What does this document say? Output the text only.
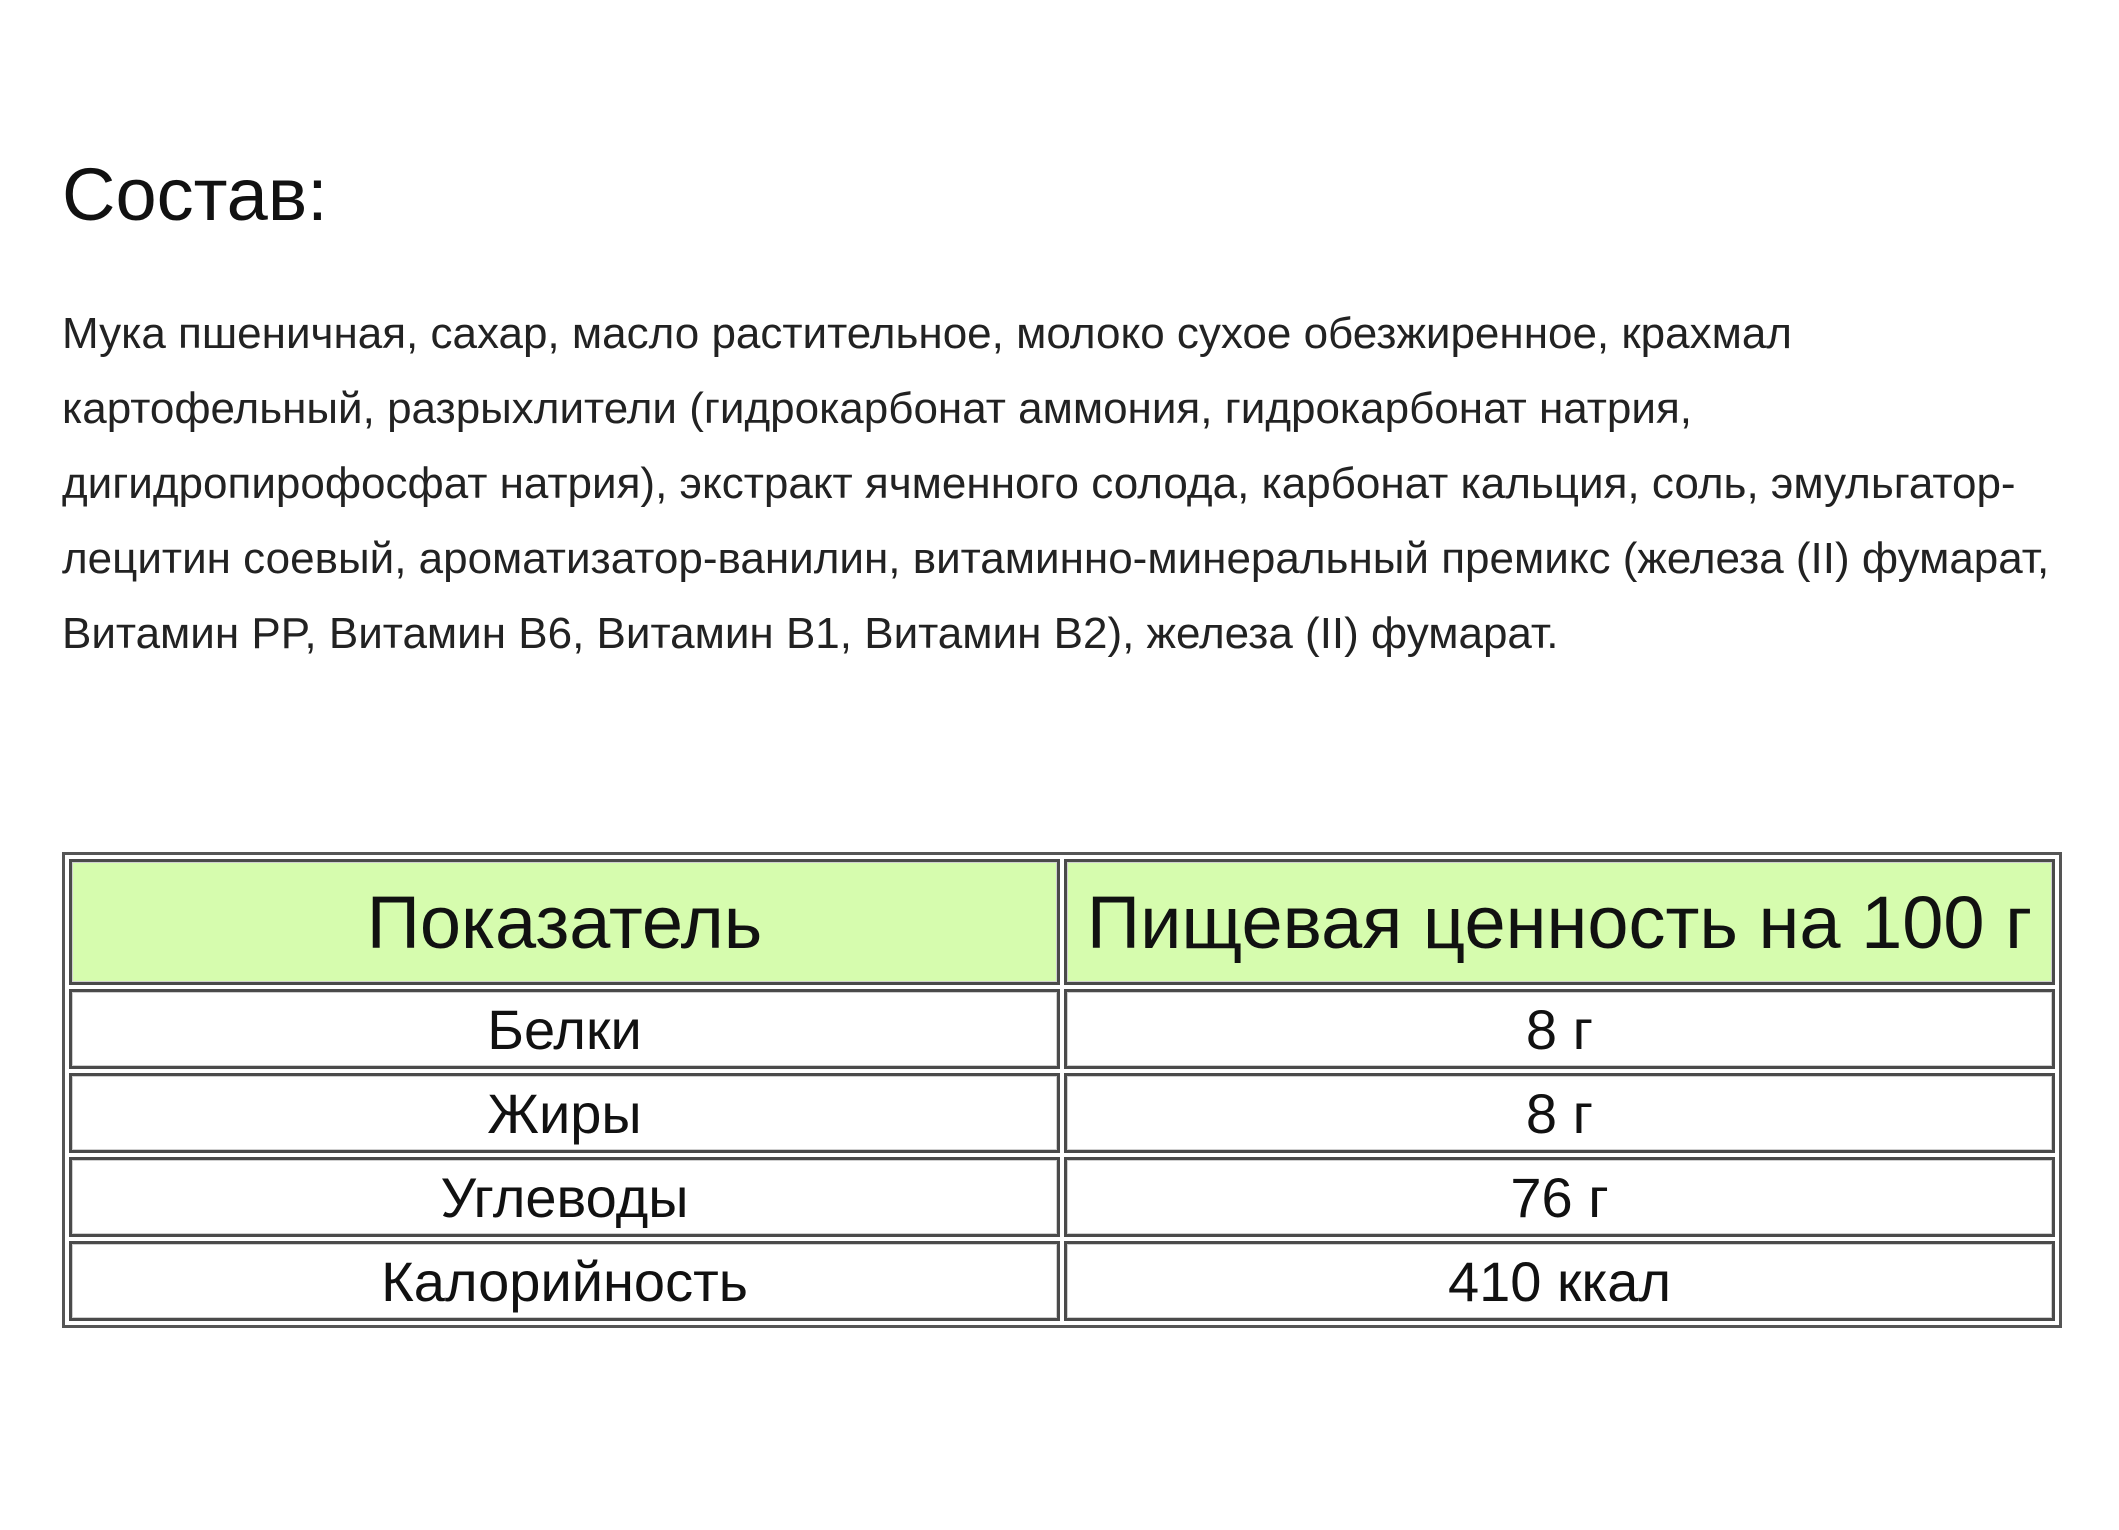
Состав:

Мука пшеничная, сахар, масло растительное, молоко сухое обезжиренное, крахмал картофельный, разрыхлители (гидрокарбонат аммония, гидрокарбонат натрия, дигидропирофосфат натрия), экстракт ячменного солода, карбонат кальция, соль, эмульгатор-лецитин соевый, ароматизатор-ванилин, витаминно-минеральный премикс (железа (II) фумарат, Витамин PP, Витамин B6, Витамин B1, Витамин B2), железа (II) фумарат.

Показатель	Пищевая ценность на 100 г
Белки	8 г
Жиры	8 г
Углеводы	76 г
Калорийность	410 ккал
